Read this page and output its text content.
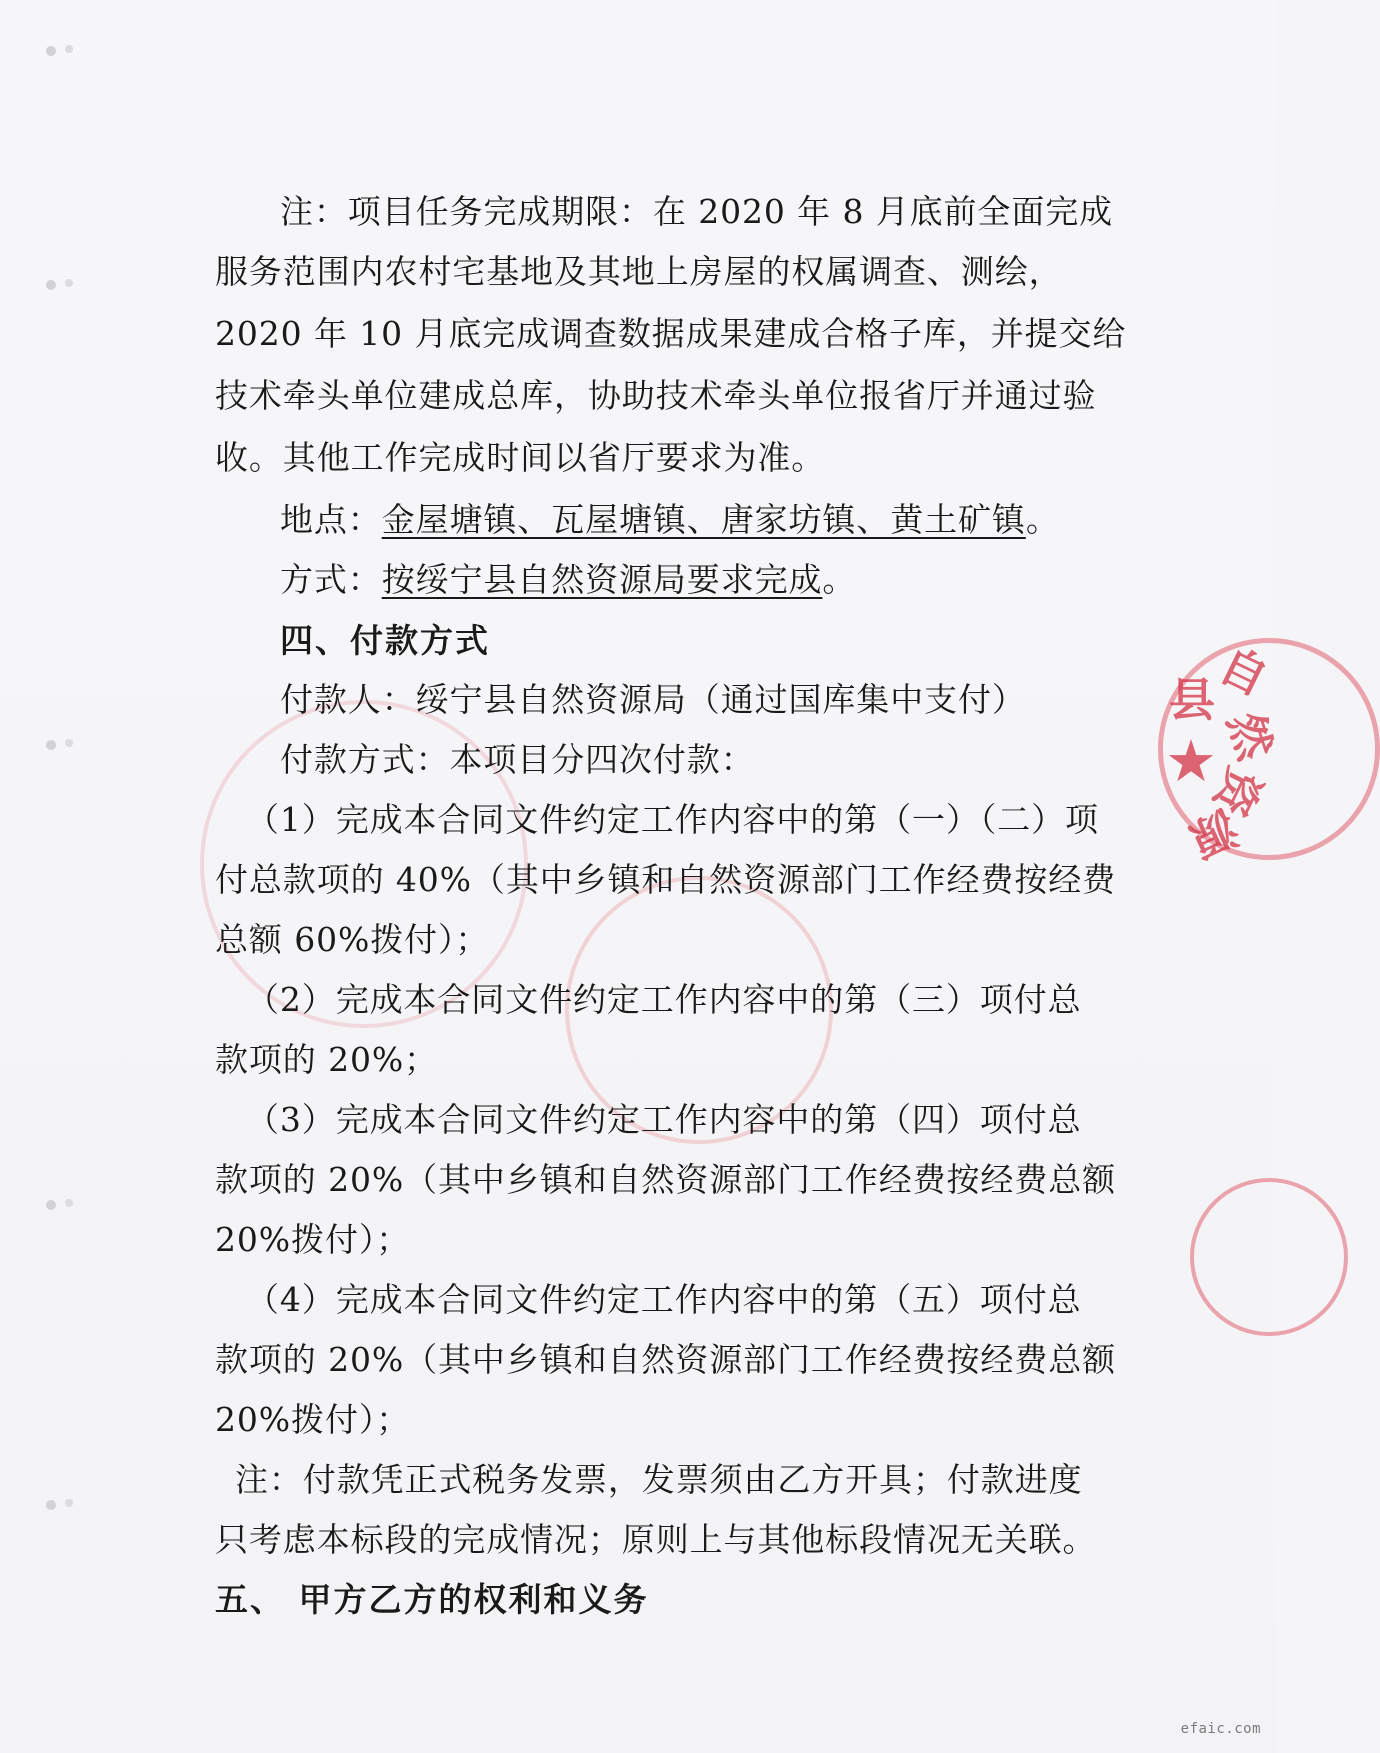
县
自
然
资
源
★
注：项目任务完成期限：在 2020 年 8 月底前全面完成
服务范围内农村宅基地及其地上房屋的权属调查、测绘，
2020 年 10 月底完成调查数据成果建成合格子库，并提交给
技术牵头单位建成总库，协助技术牵头单位报省厅并通过验
收。其他工作完成时间以省厅要求为准。
地点：金屋塘镇、瓦屋塘镇、唐家坊镇、黄土矿镇。
方式：按绥宁县自然资源局要求完成。
四、付款方式
付款人：绥宁县自然资源局（通过国库集中支付）
付款方式：本项目分四次付款：
（1）完成本合同文件约定工作内容中的第（一）（二）项
付总款项的 40%（其中乡镇和自然资源部门工作经费按经费
总额 60%拨付）；
（2）完成本合同文件约定工作内容中的第（三）项付总
款项的 20%；
（3）完成本合同文件约定工作内容中的第（四）项付总
款项的 20%（其中乡镇和自然资源部门工作经费按经费总额
20%拨付）；
（4）完成本合同文件约定工作内容中的第（五）项付总
款项的 20%（其中乡镇和自然资源部门工作经费按经费总额
20%拨付）；
注：付款凭正式税务发票，发票须由乙方开具；付款进度
只考虑本标段的完成情况；原则上与其他标段情况无关联。
五、 甲方乙方的权利和义务
efaic.com
